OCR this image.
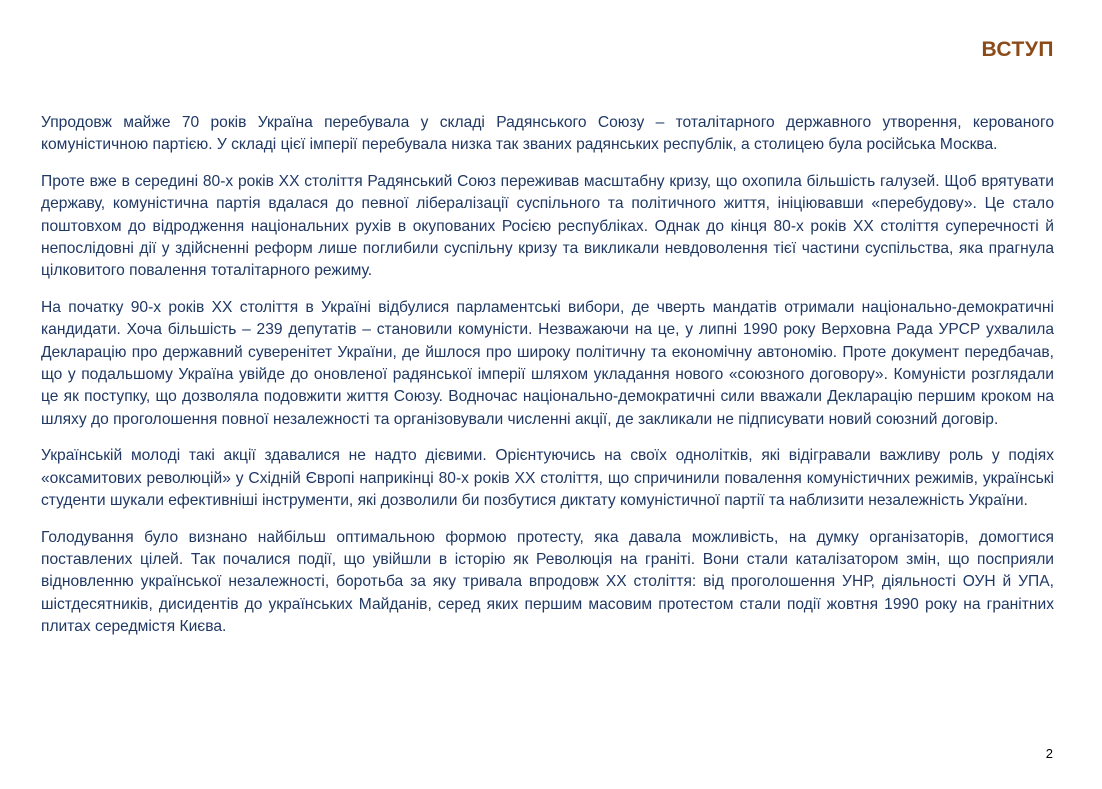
ВСТУП

Упродовж майже 70 років Україна перебувала у складі Радянського Союзу – тоталітарного державного утворення, керованого комуністичною партією. У складі цієї імперії перебувала низка так званих радянських республік, а столицею була російська Москва.

Проте вже в середині 80-х років ХХ століття Радянський Союз переживав масштабну кризу, що охопила більшість галузей. Щоб врятувати державу, комуністична партія вдалася до певної лібералізації суспільного та політичного життя, ініціювавши «перебудову». Це стало поштовхом до відродження національних рухів в окупованих Росією республіках. Однак до кінця 80-х років ХХ століття суперечності й непослідовні дії у здійсненні реформ лише поглибили суспільну кризу та викликали невдоволення тієї частини суспільства, яка прагнула цілковитого повалення тоталітарного режиму.

На початку 90-х років ХХ століття в Україні відбулися парламентські вибори, де чверть мандатів отримали національно-демократичні кандидати. Хоча більшість – 239 депутатів – становили комуністи. Незважаючи на це, у липні 1990 року Верховна Рада УРСР ухвалила Декларацію про державний суверенітет України, де йшлося про широку політичну та економічну автономію. Проте документ передбачав, що у подальшому Україна увійде до оновленої радянської імперії шляхом укладання нового «союзного договору». Комуністи розглядали це як поступку, що дозволяла подовжити життя Союзу. Водночас національно-демократичні сили вважали Декларацію першим кроком на шляху до проголошення повної незалежності та організовували численні акції, де закликали не підписувати новий союзний договір.

Українській молоді такі акції здавалися не надто дієвими. Орієнтуючись на своїх однолітків, які відігравали важливу роль у подіях «оксамитових революцій» у Східній Європі наприкінці 80-х років ХХ століття, що спричинили повалення комуністичних режимів, українські студенти шукали ефективніші інструменти, які дозволили би позбутися диктату комуністичної партії та наблизити незалежність України.

Голодування було визнано найбільш оптимальною формою протесту, яка давала можливість, на думку організаторів, домогтися поставлених цілей. Так почалися події, що увійшли в історію як Революція на граніті. Вони стали каталізатором змін, що посприяли відновленню української незалежності, боротьба за яку тривала впродовж ХХ століття: від проголошення УНР, діяльності ОУН й УПА, шістдесятників, дисидентів до українських Майданів, серед яких першим масовим протестом стали події жовтня 1990 року на гранітних плитах середмістя Києва.

2
